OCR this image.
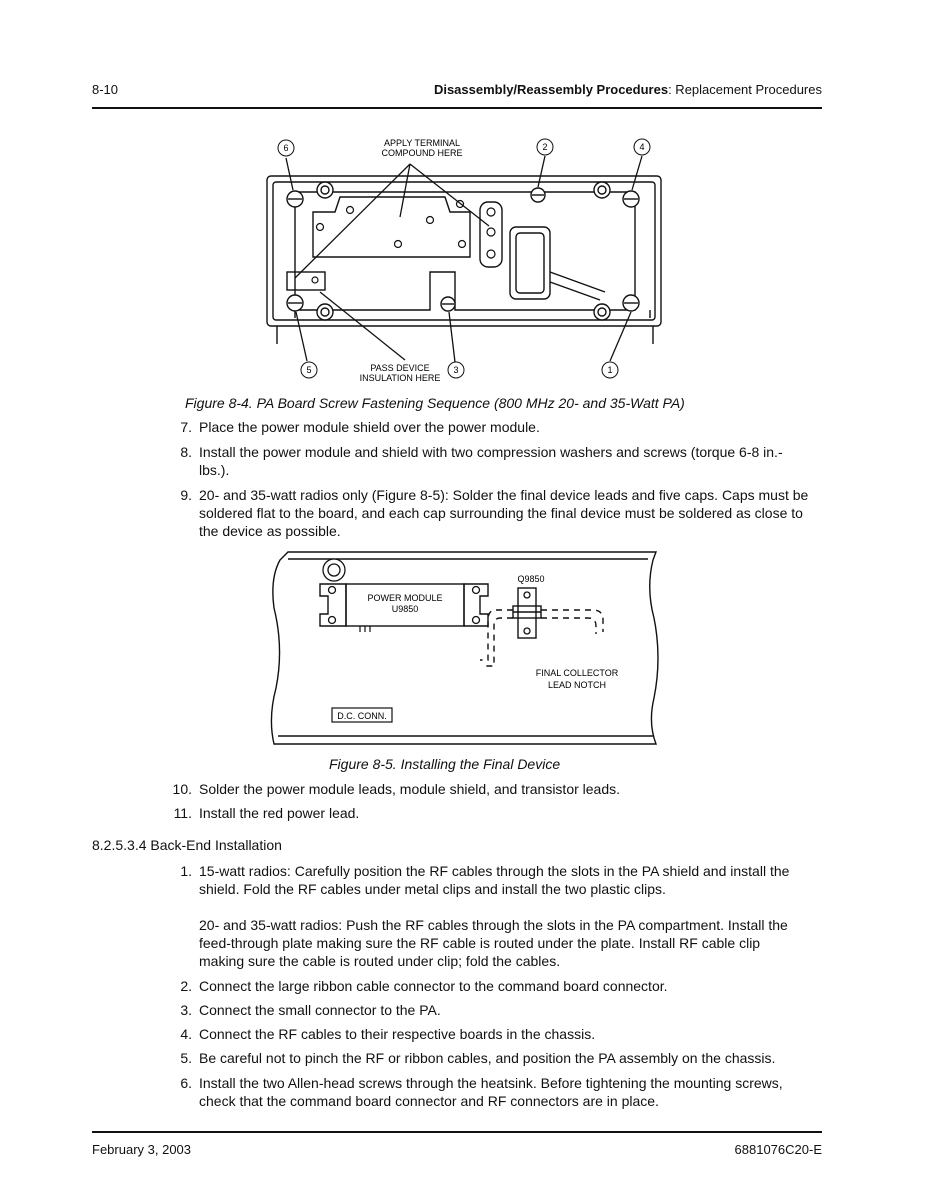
8-10	Disassembly/Reassembly Procedures: Replacement Procedures
APPLY TERMINAL
COMPOUND HERE
PASS DEVICE
INSULATION HERE
6	2	4
5	3	1
Figure 8-4. PA Board Screw Fastening Sequence (800 MHz 20- and 35-Watt PA)
7. Place the power module shield over the power module.
8. Install the power module and shield with two compression washers and screws (torque 6-8 in.-lbs.).
9. 20- and 35-watt radios only (Figure 8-5): Solder the final device leads and five caps. Caps must be soldered flat to the board, and each cap surrounding the final device must be soldered as close to the device as possible.
POWER MODULE
U9850
Q9850
FINAL COLLECTOR
LEAD NOTCH
D.C. CONN.
Figure 8-5. Installing the Final Device
10. Solder the power module leads, module shield, and transistor leads.
11. Install the red power lead.
8.2.5.3.4 Back-End Installation
1. 15-watt radios: Carefully position the RF cables through the slots in the PA shield and install the shield. Fold the RF cables under metal clips and install the two plastic clips.
20- and 35-watt radios: Push the RF cables through the slots in the PA compartment. Install the feed-through plate making sure the RF cable is routed under the plate. Install RF cable clip making sure the cable is routed under clip; fold the cables.
2. Connect the large ribbon cable connector to the command board connector.
3. Connect the small connector to the PA.
4. Connect the RF cables to their respective boards in the chassis.
5. Be careful not to pinch the RF or ribbon cables, and position the PA assembly on the chassis.
6. Install the two Allen-head screws through the heatsink. Before tightening the mounting screws, check that the command board connector and RF connectors are in place.
February 3, 2003	6881076C20-E
